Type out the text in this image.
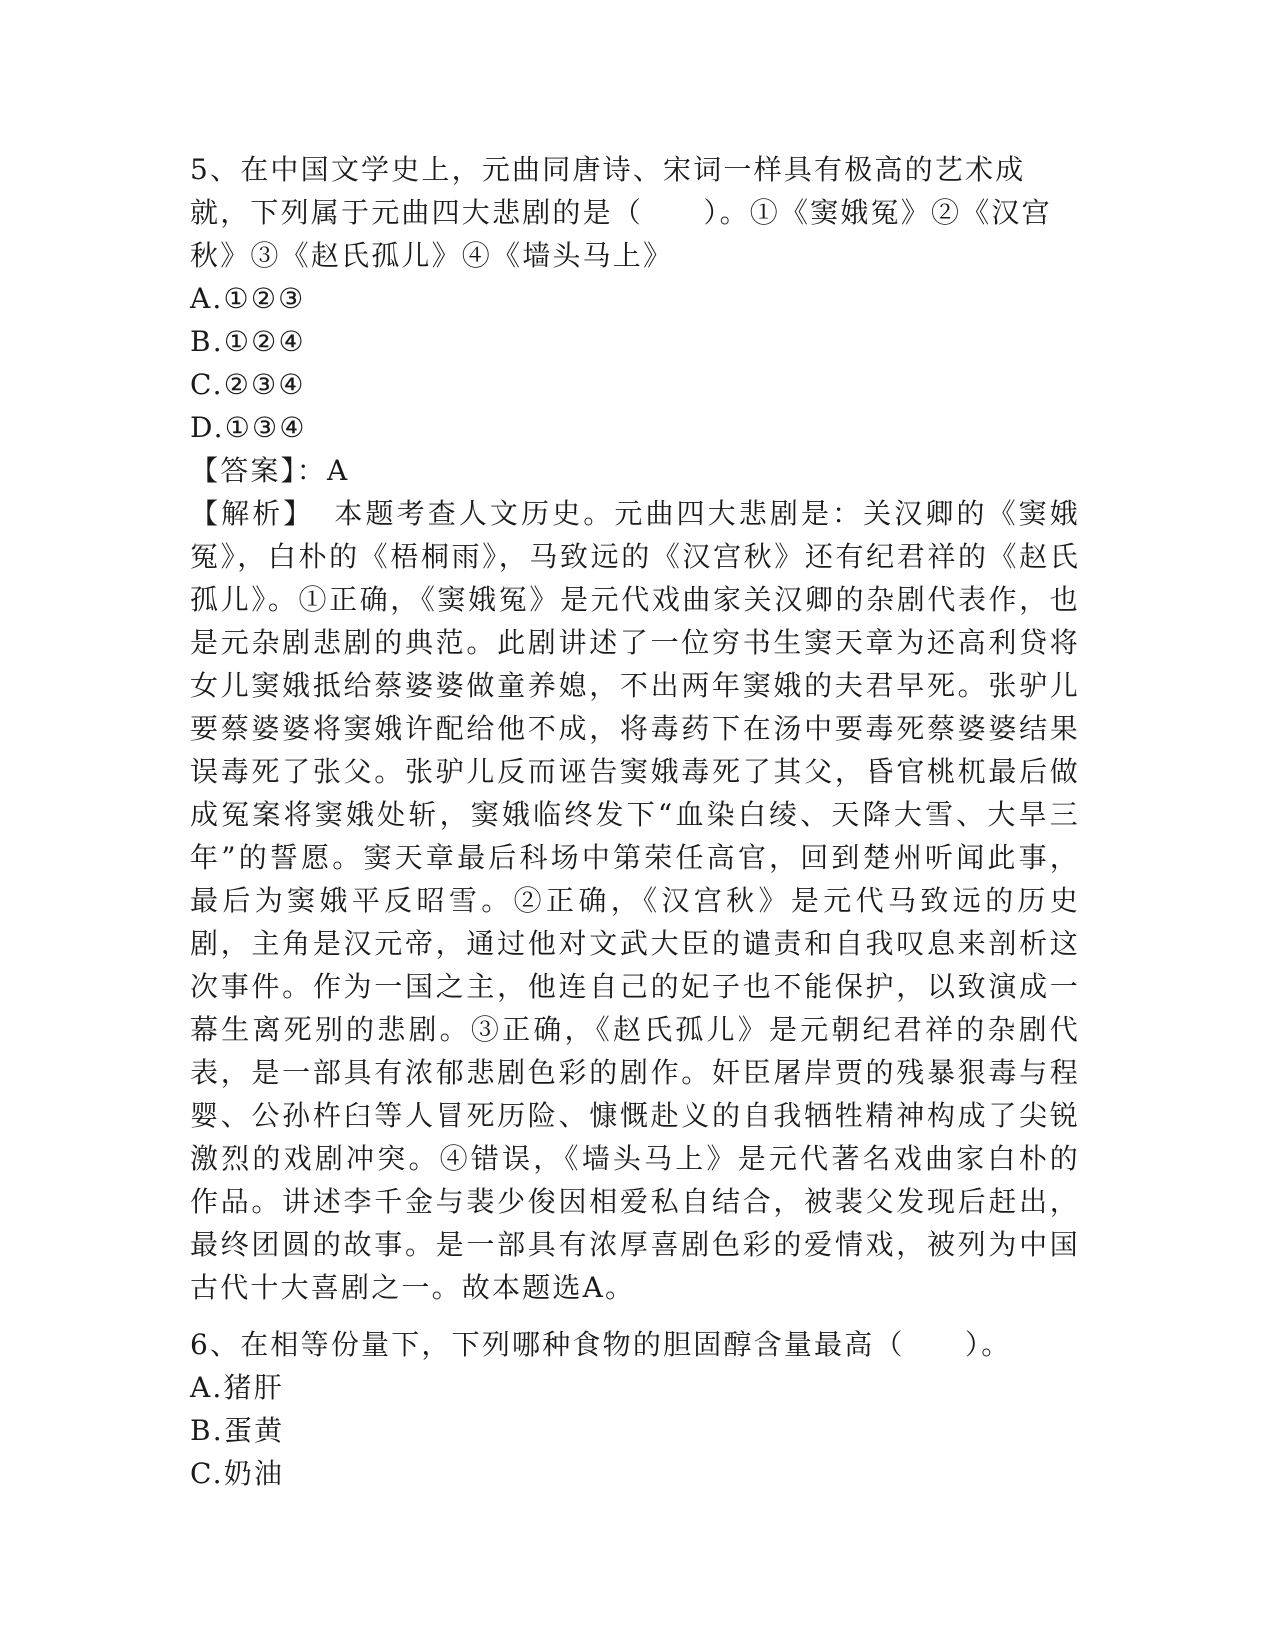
5、在中国文学史上，元曲同唐诗、宋词一样具有极高的艺术成就，下列属于元曲四大悲剧的是（　　）。①《窦娥冤》②《汉宫秋》③《赵氏孤儿》④《墙头马上》

A.①②③

B.①②④

C.②③④

D.①③④

【答案】：A

【解析】 本题考查人文历史。元曲四大悲剧是：关汉卿的《窦娥冤》，白朴的《梧桐雨》，马致远的《汉宫秋》还有纪君祥的《赵氏孤儿》。①正确，《窦娥冤》是元代戏曲家关汉卿的杂剧代表作，也是元杂剧悲剧的典范。此剧讲述了一位穷书生窦天章为还高利贷将女儿窦娥抵给蔡婆婆做童养媳，不出两年窦娥的夫君早死。张驴儿要蔡婆婆将窦娥许配给他不成，将毒药下在汤中要毒死蔡婆婆结果误毒死了张父。张驴儿反而诬告窦娥毒死了其父，昏官桃杌最后做成冤案将窦娥处斩，窦娥临终发下“血染白绫、天降大雪、大旱三年”的誓愿。窦天章最后科场中第荣任高官，回到楚州听闻此事，最后为窦娥平反昭雪。②正确，《汉宫秋》是元代马致远的历史剧，主角是汉元帝，通过他对文武大臣的谴责和自我叹息来剖析这次事件。作为一国之主，他连自己的妃子也不能保护，以致演成一幕生离死别的悲剧。③正确，《赵氏孤儿》是元朝纪君祥的杂剧代表，是一部具有浓郁悲剧色彩的剧作。奸臣屠岸贾的残暴狠毒与程婴、公孙杵臼等人冒死历险、慷慨赴义的自我牺牲精神构成了尖锐激烈的戏剧冲突。④错误，《墙头马上》是元代著名戏曲家白朴的作品。讲述李千金与裴少俊因相爱私自结合，被裴父发现后赶出，最终团圆的故事。是一部具有浓厚喜剧色彩的爱情戏，被列为中国古代十大喜剧之一。故本题选A。

6、在相等份量下，下列哪种食物的胆固醇含量最高（　　）。

A.猪肝

B.蛋黄

C.奶油
